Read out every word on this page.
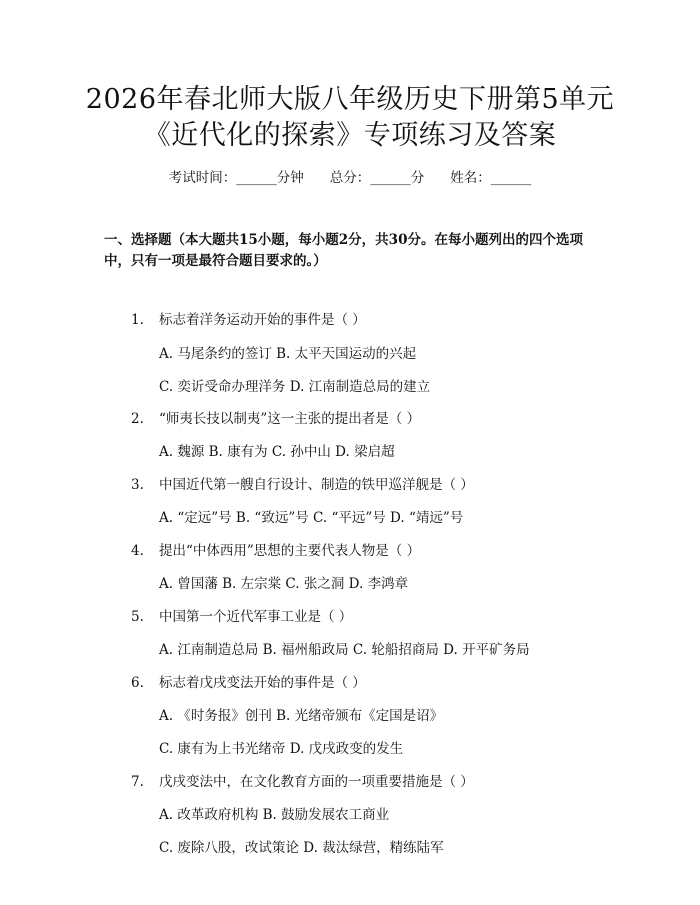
2026年春北师大版八年级历史下册第5单元
《近代化的探索》专项练习及答案
考试时间：______分钟 总分：______分 姓名：______
一、选择题（本大题共15小题，每小题2分，共30分。在每小题列出的四个选项中，只有一项是最符合题目要求的。）
1. 标志着洋务运动开始的事件是（ ）
A. 马尾条约的签订 B. 太平天国运动的兴起
C. 奕䜣受命办理洋务 D. 江南制造总局的建立
2. “师夷长技以制夷”这一主张的提出者是（ ）
A. 魏源 B. 康有为 C. 孙中山 D. 梁启超
3. 中国近代第一艘自行设计、制造的铁甲巡洋舰是（ ）
A. “定远”号 B. “致远”号 C. “平远”号 D. “靖远”号
4. 提出“中体西用”思想的主要代表人物是（ ）
A. 曾国藩 B. 左宗棠 C. 张之洞 D. 李鸿章
5. 中国第一个近代军事工业是（ ）
A. 江南制造总局 B. 福州船政局 C. 轮船招商局 D. 开平矿务局
6. 标志着戊戌变法开始的事件是（ ）
A. 《时务报》创刊 B. 光绪帝颁布《定国是诏》
C. 康有为上书光绪帝 D. 戊戌政变的发生
7. 戊戌变法中，在文化教育方面的一项重要措施是（ ）
A. 改革政府机构 B. 鼓励发展农工商业
C. 废除八股，改试策论 D. 裁汰绿营，精练陆军
